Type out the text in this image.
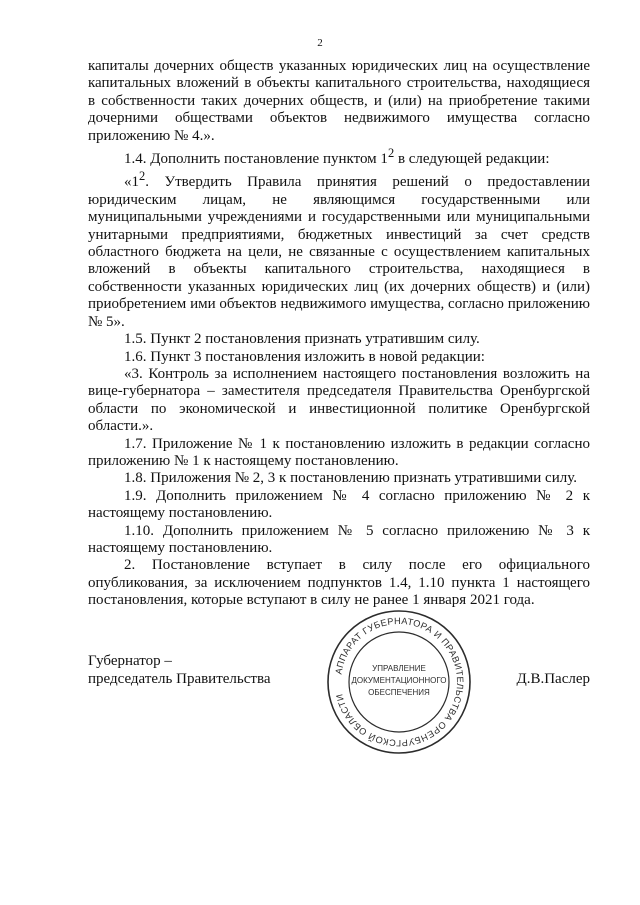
2

капиталы дочерних обществ указанных юридических лиц на осуществление капитальных вложений в объекты капитального строительства, находящиеся в собственности таких дочерних обществ, и (или) на приобретение такими дочерними обществами объектов недвижимого имущества согласно приложению № 4.».

1.4. Дополнить постановление пунктом $1^2$ в следующей редакции:

«$1^2$. Утвердить Правила принятия решений о предоставлении юридическим лицам, не являющимся государственными или муниципальными учреждениями и государственными или муниципальными унитарными предприятиями, бюджетных инвестиций за счет средств областного бюджета на цели, не связанные с осуществлением капитальных вложений в объекты капитального строительства, находящиеся в собственности указанных юридических лиц (их дочерних обществ) и (или) приобретением ими объектов недвижимого имущества, согласно приложению № 5».

1.5. Пункт 2 постановления признать утратившим силу.

1.6. Пункт 3 постановления изложить в новой редакции:

«3. Контроль за исполнением настоящего постановления возложить на вице-губернатора – заместителя председателя Правительства Оренбургской области по экономической и инвестиционной политике Оренбургской области.».

1.7. Приложение № 1 к постановлению изложить в редакции согласно приложению № 1 к настоящему постановлению.

1.8. Приложения № 2, 3 к постановлению признать утратившими силу.

1.9. Дополнить приложением № 4 согласно приложению № 2 к настоящему постановлению.

1.10. Дополнить приложением № 5 согласно приложению № 3 к настоящему постановлению.

2. Постановление вступает в силу после его официального опубликования, за исключением подпунктов 1.4, 1.10 пункта 1 настоящего постановления, которые вступают в силу не ранее 1 января 2021 года.

Губернатор –
председатель Правительства	Д.В.Паслер
АППАРАТ ГУБЕРНАТОРА И ПРАВИТЕЛЬСТВА ОРЕНБУРГСКОЙ ОБЛАСТИ
УПРАВЛЕНИЕ
ДОКУМЕНТАЦИОННОГО
ОБЕСПЕЧЕНИЯ
